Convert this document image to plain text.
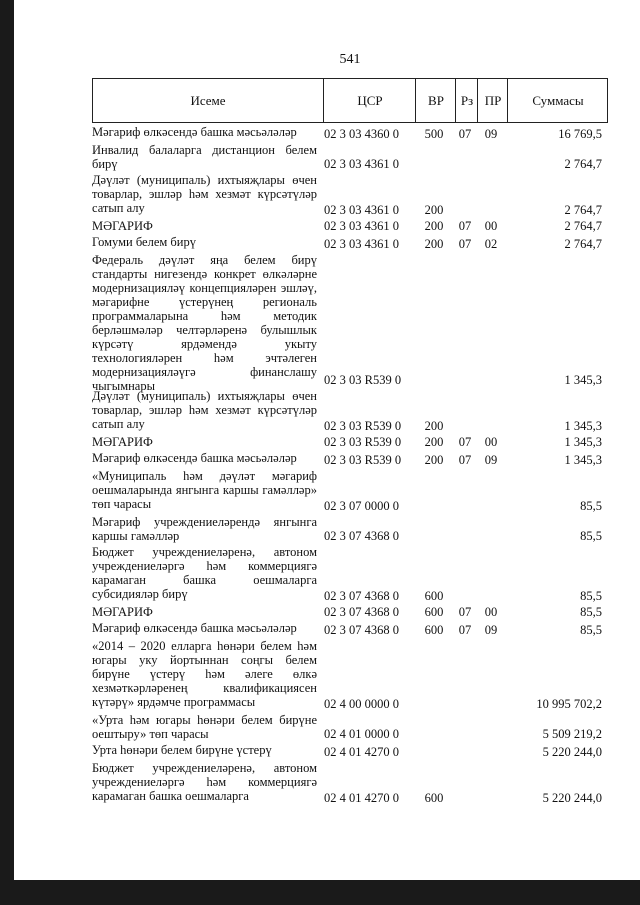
541
Исеме	ЦСР	ВР	Рз ПР	Суммасы
Мәгариф өлкәсендә башка мәсьәләләр	02 3 03 4360 0	500	07	09	16 769,5
Инвалид балаларга дистанцион белем бирү	02 3 03 4361 0	2 764,7
Дәүләт (муниципаль) ихтыяҗлары өчен товарлар, эшләр һәм хезмәт күрсәтүләр сатып алу	02 3 03 4361 0	200	2 764,7
МӘГАРИФ	02 3 03 4361 0	200	07	00	2 764,7
Гомуми белем бирү	02 3 03 4361 0	200	07	02	2 764,7
Федераль дәүләт яңа белем бирү стандарты нигезендә конкрет өлкәләрне модернизацияләү концепцияләрен эшләү, мәгарифне үстерүнең региональ программаларына һәм методик берләшмәләр челтәрләренә булышлык күрсәтү ярдәмендә укыту технологияләрен һәм эчтәлеген модернизацияләүгә финанслашу чыгымнары	02 3 03 R539 0	1 345,3
Дәүләт (муниципаль) ихтыяҗлары өчен товарлар, эшләр һәм хезмәт күрсәтүләр сатып алу	02 3 03 R539 0	200	1 345,3
МӘГАРИФ	02 3 03 R539 0	200	07	00	1 345,3
Мәгариф өлкәсендә башка мәсьәләләр	02 3 03 R539 0	200	07	09	1 345,3
«Муниципаль һәм дәүләт мәгариф оешмаларында янгынга каршы гамәлләр» төп чарасы	02 3 07 0000 0	85,5
Мәгариф учреждениеләрендә янгынга каршы гамәлләр	02 3 07 4368 0	85,5
Бюджет учреждениеләренә, автоном учреждениеләргә һәм коммерциягә карамаган башка оешмаларга субсидияләр бирү	02 3 07 4368 0	600	85,5
МӘГАРИФ	02 3 07 4368 0	600	07	00	85,5
Мәгариф өлкәсендә башка мәсьәләләр	02 3 07 4368 0	600	07	09	85,5
«2014 – 2020 елларга һөнәри белем һәм югары уку йортыннан соңгы белем бирүне үстерү һәм әлеге өлкә хезмәткәрләренең квалификациясен күтәрү» ярдәмче программасы	02 4 00 0000 0	10 995 702,2
«Урта һәм югары һөнәри белем бирүне оештыру» төп чарасы	02 4 01 0000 0	5 509 219,2
Урта һөнәри белем бирүне үстерү	02 4 01 4270 0	5 220 244,0
Бюджет учреждениеләренә, автоном учреждениеләргә һәм коммерциягә карамаган башка оешмаларга	02 4 01 4270 0	600	5 220 244,0
